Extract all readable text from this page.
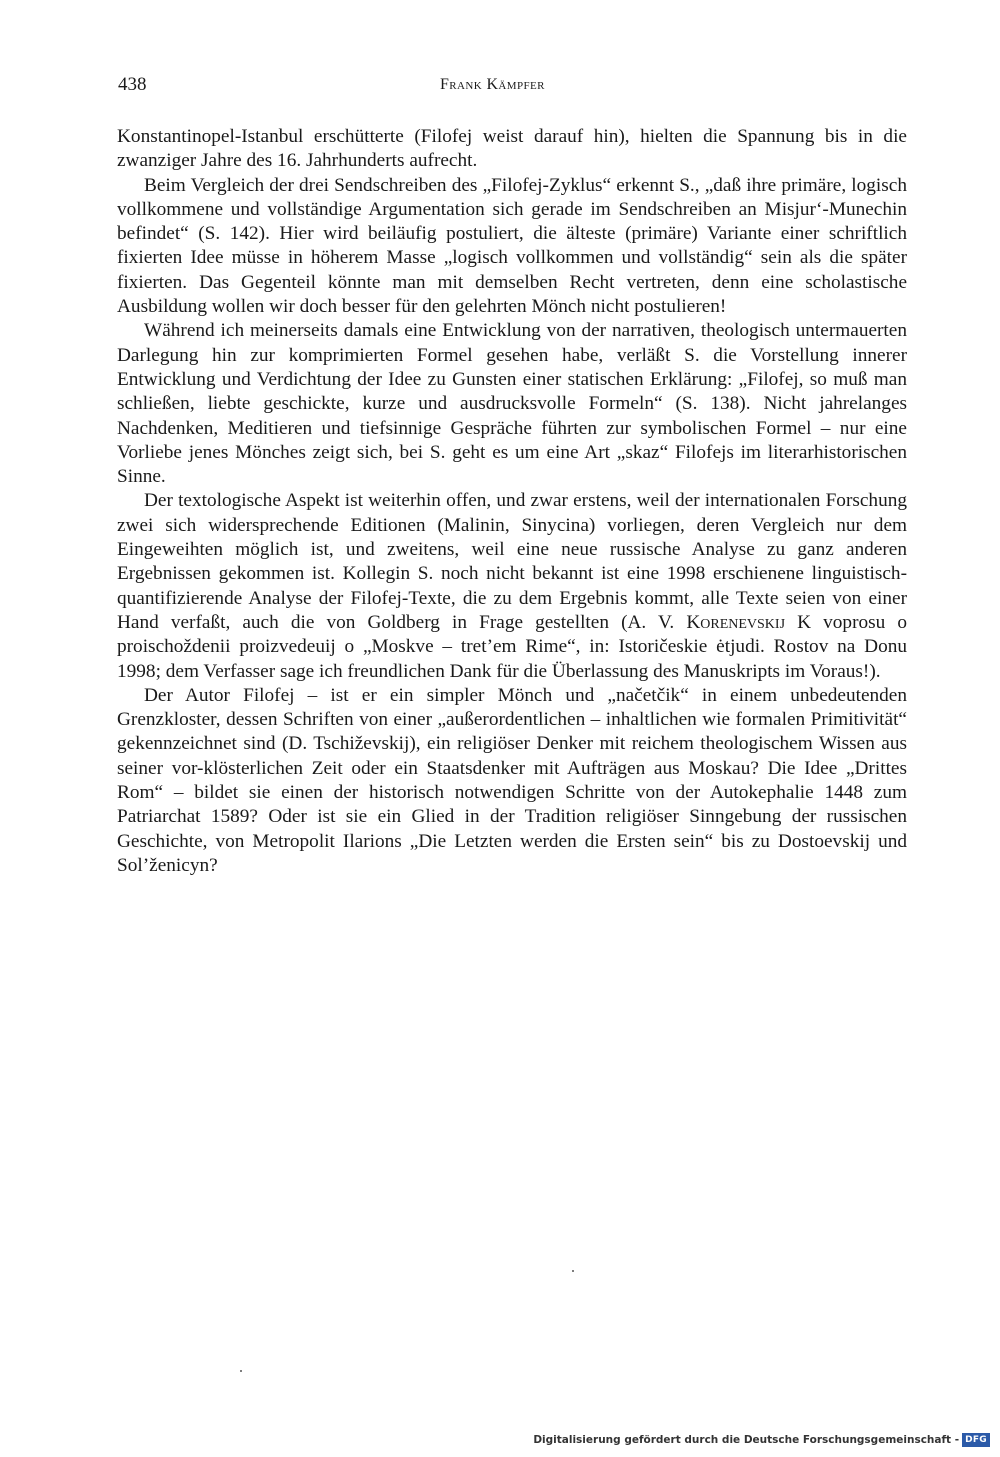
438	Frank Kämpfer

Konstantinopel-Istanbul erschütterte (Filofej weist darauf hin), hielten die Spannung bis in die zwanziger Jahre des 16. Jahrhunderts aufrecht.

Beim Vergleich der drei Sendschreiben des „Filofej-Zyklus“ erkennt S., „daß ihre primäre, logisch vollkommene und vollständige Argumentation sich gerade im Sendschreiben an Misjur‘-Munechin befindet“ (S. 142). Hier wird beiläufig postuliert, die älteste (primäre) Variante einer schriftlich fixierten Idee müsse in höherem Masse „logisch vollkommen und vollständig“ sein als die später fixierten. Das Gegenteil könnte man mit demselben Recht vertreten, denn eine scholastische Ausbildung wollen wir doch besser für den gelehrten Mönch nicht postulieren!

Während ich meinerseits damals eine Entwicklung von der narrativen, theologisch untermauerten Darlegung hin zur komprimierten Formel gesehen habe, verläßt S. die Vorstellung innerer Entwicklung und Verdichtung der Idee zu Gunsten einer statischen Erklärung: „Filofej, so muß man schließen, liebte geschickte, kurze und ausdrucksvolle Formeln“ (S. 138). Nicht jahrelanges Nachdenken, Meditieren und tiefsinnige Gespräche führten zur symbolischen Formel – nur eine Vorliebe jenes Mönches zeigt sich, bei S. geht es um eine Art „skaz“ Filofejs im literarhistorischen Sinne.

Der textologische Aspekt ist weiterhin offen, und zwar erstens, weil der internationalen Forschung zwei sich widersprechende Editionen (Malinin, Sinycina) vorliegen, deren Vergleich nur dem Eingeweihten möglich ist, und zweitens, weil eine neue russische Analyse zu ganz anderen Ergebnissen gekommen ist. Kollegin S. noch nicht bekannt ist eine 1998 erschienene linguistisch-quantifizierende Analyse der Filofej-Texte, die zu dem Ergebnis kommt, alle Texte seien von einer Hand verfaßt, auch die von Goldberg in Frage gestellten (A. V. Korenevskij K voprosu o proischoždenii proizvedeuij o „Moskve – tret’em Rime“, in: Istoričeskie ėtjudi. Rostov na Donu 1998; dem Verfasser sage ich freundlichen Dank für die Überlassung des Manuskripts im Voraus!).

Der Autor Filofej – ist er ein simpler Mönch und „načetčik“ in einem unbedeutenden Grenzkloster, dessen Schriften von einer „außerordentlichen – inhaltlichen wie formalen Primitivität“ gekennzeichnet sind (D. Tschiževskij), ein religiöser Denker mit reichem theologischem Wissen aus seiner vor-klösterlichen Zeit oder ein Staatsdenker mit Aufträgen aus Moskau? Die Idee „Drittes Rom“ – bildet sie einen der historisch notwendigen Schritte von der Autokephalie 1448 zum Patriarchat 1589? Oder ist sie ein Glied in der Tradition religiöser Sinngebung der russischen Geschichte, von Metropolit Ilarions „Die Letzten werden die Ersten sein“ bis zu Dostoevskij und Sol’ženicyn?

Digitalisierung gefördert durch die Deutsche Forschungsgemeinschaft - DFG
